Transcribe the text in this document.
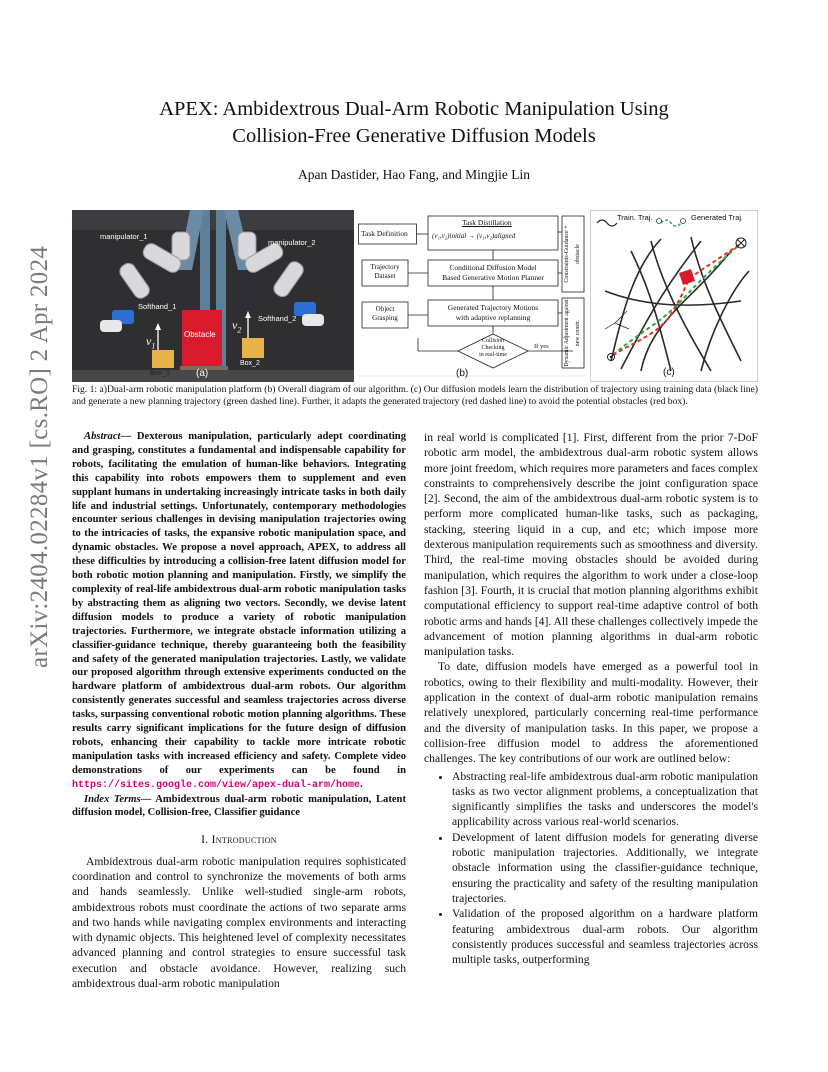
APEX: Ambidextrous Dual-Arm Robotic Manipulation Using
Collision-Free Generative Diffusion Models
Apan Dastider, Hao Fang, and Mingjie Lin
arXiv:2404.02284v1 [cs.RO] 2 Apr 2024
manipulator_1
manipulator_2
Softhand_1
Softhand_2
Obstacle
$v_1$
$v_2$
Box_1
Box_2
(a)
Task Definition
Task Distillation
(v₁,v₂)initial → (v₁,v₂)aligned
Trajectory
Dataset
Conditional Diffusion Model
Based Generative Motion Planner
Object
Grasping
Generated Trajectory Motions
with adaptive replanning
Collision
Checking
in real-time
If yes
Constraints-Guidance + obstacle
Dynamic Adjustment against new constr.
(b)
Train. Traj.	Generated Traj.
(c)
Fig. 1: a)Dual-arm robotic manipulation platform (b) Overall diagram of our algorithm. (c) Our diffusion models learn the distribution of trajectory using training data (black line) and generate a new planning trajectory (green dashed line). Further, it adapts the generated trajectory (red dashed line) to avoid the potential obstacles (red box).
Abstract— Dexterous manipulation, particularly adept coordinating and grasping, constitutes a fundamental and indispensable capability for robots, facilitating the emulation of human-like behaviors. Integrating this capability into robots empowers them to supplement and even supplant humans in undertaking increasingly intricate tasks in both daily life and industrial settings. Unfortunately, contemporary methodologies encounter serious challenges in devising manipulation trajectories owing to the intricacies of tasks, the expansive robotic manipulation space, and dynamic obstacles. We propose a novel approach, APEX, to address all these difficulties by introducing a collision-free latent diffusion model for both robotic motion planning and manipulation. Firstly, we simplify the complexity of real-life ambidextrous dual-arm robotic manipulation tasks by abstracting them as aligning two vectors. Secondly, we devise latent diffusion models to produce a variety of robotic manipulation trajectories. Furthermore, we integrate obstacle information utilizing a classifier-guidance technique, thereby guaranteeing both the feasibility and safety of the generated manipulation trajectories. Lastly, we validate our proposed algorithm through extensive experiments conducted on the hardware platform of ambidextrous dual-arm robots. Our algorithm consistently generates successful and seamless trajectories across diverse tasks, surpassing conventional robotic motion planning algorithms. These results carry significant implications for the future design of diffusion robots, enhancing their capability to tackle more intricate robotic manipulation tasks with increased efficiency and safety. Complete video demonstrations of our experiments can be found in https://sites.google.com/view/apex-dual-arm/home.
Index Terms— Ambidextrous dual-arm robotic manipulation, Latent diffusion model, Collision-free, Classifier guidance
I. Introduction
Ambidextrous dual-arm robotic manipulation requires sophisticated coordination and control to synchronize the movements of both arms and hands seamlessly. Unlike well-studied single-arm robots, ambidextrous robots must coordinate the actions of two separate arms and two hands while navigating complex environments and interacting with dynamic objects. This heightened level of complexity necessitates advanced planning and control strategies to ensure successful task execution and obstacle avoidance. However, realizing such ambidextrous dual-arm robotic manipulation
in real world is complicated [1]. First, different from the prior 7-DoF robotic arm model, the ambidextrous dual-arm robotic system allows more joint freedom, which requires more parameters and faces complex constraints to comprehensively describe the joint configuration space [2]. Second, the aim of the ambidextrous dual-arm robotic system is to perform more complicated human-like tasks, such as packaging, stacking, steering liquid in a cup, and etc; which impose more dexterous manipulation requirements such as smoothness and diversity. Third, the real-time moving obstacles should be avoided during manipulation, which requires the algorithm to work under a close-loop fashion [3]. Fourth, it is crucial that motion planning algorithms exhibit computational efficiency to support real-time adaptive control of both robotic arms and hands [4]. All these challenges collectively impede the advancement of motion planning algorithms in dual-arm robotic manipulation tasks.
To date, diffusion models have emerged as a powerful tool in robotics, owing to their flexibility and multi-modality. However, their application in the context of dual-arm robotic manipulation remains relatively unexplored, particularly concerning real-time performance and the diversity of manipulation tasks. In this paper, we propose a collision-free diffusion model to address the aforementioned challenges. The key contributions of our work are outlined below:
• Abstracting real-life ambidextrous dual-arm robotic manipulation tasks as two vector alignment problems, a conceptualization that significantly simplifies the tasks and underscores the model's applicability across various real-world scenarios.
• Development of latent diffusion models for generating diverse robotic manipulation trajectories. Additionally, we integrate obstacle information using the classifier-guidance technique, ensuring the practicality and safety of the resulting manipulation trajectories.
• Validation of the proposed algorithm on a hardware platform featuring ambidextrous dual-arm robots. Our algorithm consistently produces successful and seamless trajectories across multiple tasks, outperforming
